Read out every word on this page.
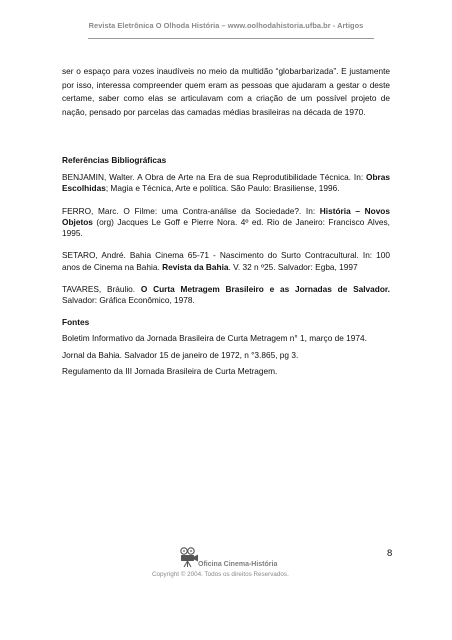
Revista Eletrônica O Olhoda História – www.oolhodahistoria.ufba.br - Artigos

ser o espaço para vozes inaudíveis no meio da multidão “globarbarizada”. E justamente por isso, interessa compreender quem eram as pessoas que ajudaram a gestar o deste certame, saber como elas se articulavam com a criação de um possível projeto de nação, pensado por parcelas das camadas médias brasileiras na década de 1970.

Referências Bibliográficas

BENJAMIN, Walter. A Obra de Arte na Era de sua Reprodutibilidade Técnica. In: Obras Escolhidas; Magia e Técnica, Arte e política. São Paulo: Brasiliense, 1996.

FERRO, Marc. O Filme: uma Contra-análise da Sociedade?. In: História – Novos Objetos (org) Jacques Le Goff e Pierre Nora. 4º ed. Rio de Janeiro: Francisco Alves, 1995.

SETARO, André. Bahia Cinema 65-71 - Nascimento do Surto Contracultural. In: 100 anos de Cinema na Bahia. Revista da Bahia. V. 32 n º25. Salvador: Egba, 1997

TAVARES, Bráulio. O Curta Metragem Brasileiro e as Jornadas de Salvador. Salvador: Gráfica Econômico, 1978.

Fontes

Boletim Informativo da Jornada Brasileira de Curta Metragem n° 1, março de 1974.

Jornal da Bahia. Salvador 15 de janeiro de 1972, n °3.865, pg 3.

Regulamento da III Jornada Brasileira de Curta Metragem.

8
Oficina Cinema-História
Copyright © 2004. Todos os direitos Reservados.
